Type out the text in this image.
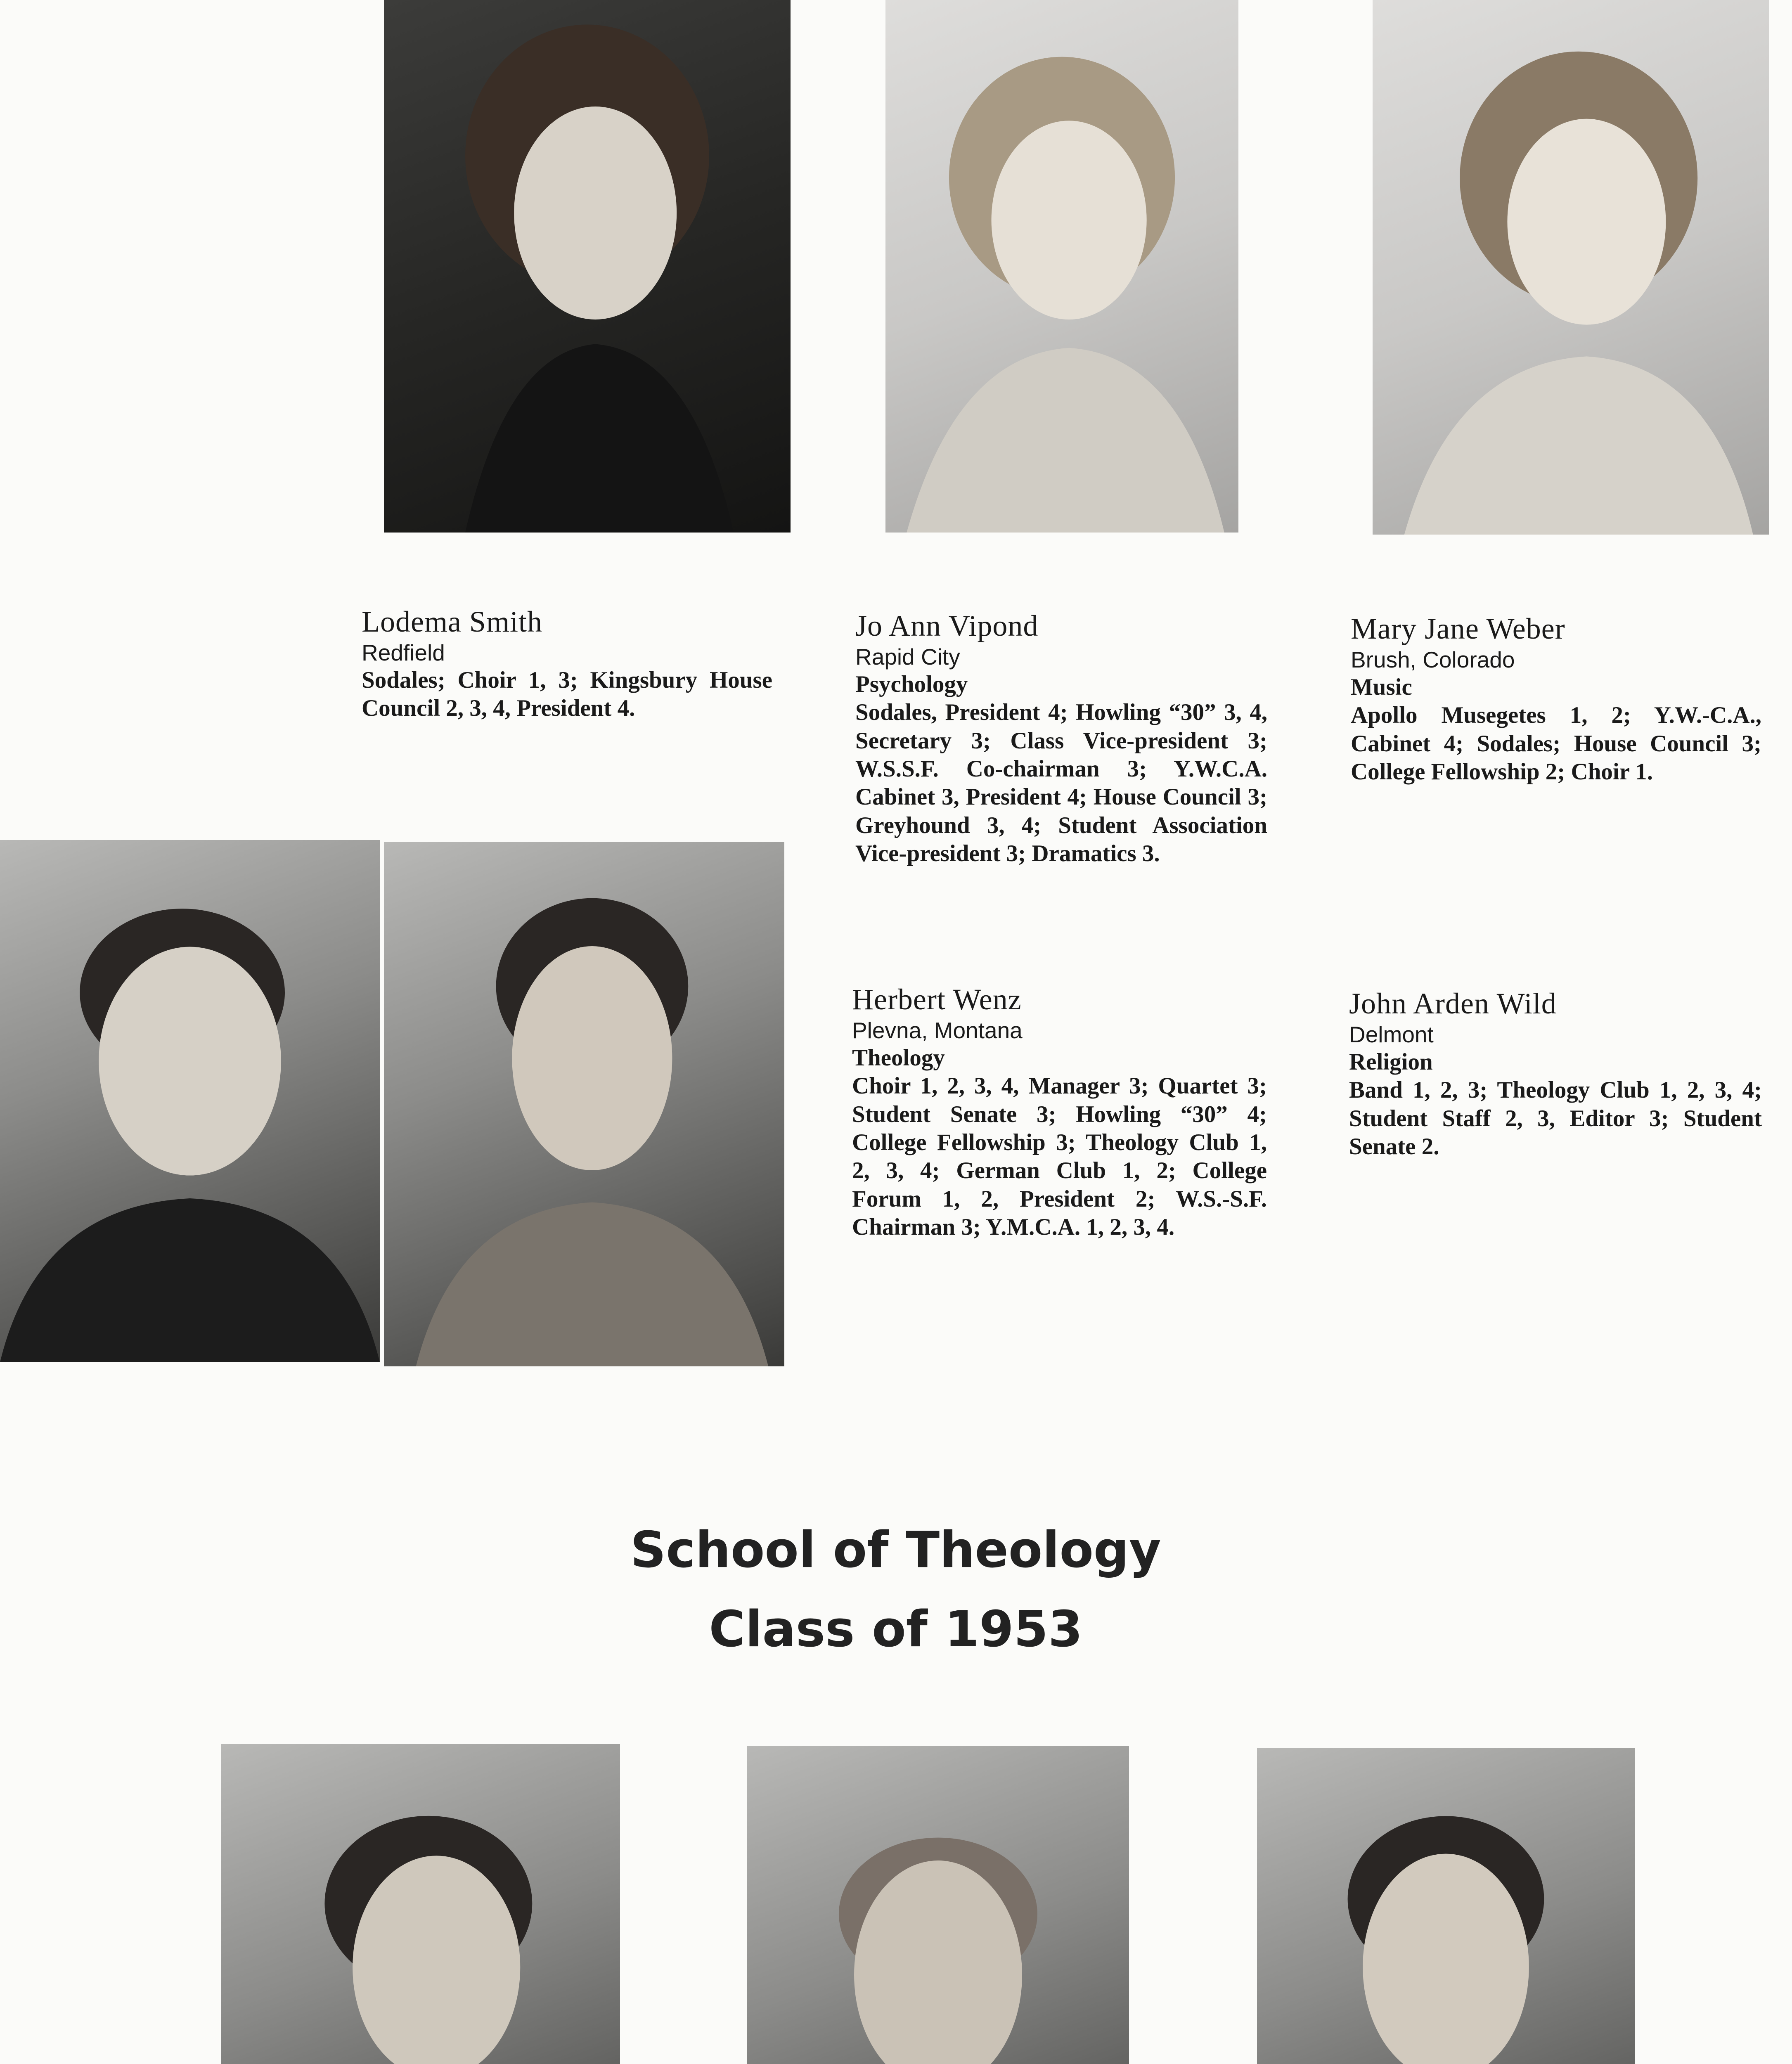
Lodema Smith
Redfield

Sodales; Choir 1, 3; Kingsbury House Council 2, 3, 4, President 4.

Jo Ann Vipond
Rapid City
Psychology

Sodales, President 4; Howling “30” 3, 4, Secretary 3; Class Vice-president 3; W.S.S.F. Co-chairman 3; Y.W.C.A. Cabinet 3, President 4; House Council 3; Greyhound 3, 4; Student Association Vice-president 3; Dramatics 3.

Mary Jane Weber
Brush, Colorado
Music

Apollo Musegetes 1, 2; Y.W.-C.A., Cabinet 4; Sodales; House Council 3; College Fellowship 2; Choir 1.

Herbert Wenz
Plevna, Montana
Theology

Choir 1, 2, 3, 4, Manager 3; Quartet 3; Student Senate 3; Howling “30” 4; College Fellowship 3; Theology Club 1, 2, 3, 4; German Club 1, 2; College Forum 1, 2, President 2; W.S.-S.F. Chairman 3; Y.M.C.A. 1, 2, 3, 4.

John Arden Wild
Delmont
Religion

Band 1, 2, 3; Theology Club 1, 2, 3, 4; Student Staff 2, 3, Editor 3; Student Senate 2.

School of Theology
Class of 1953
